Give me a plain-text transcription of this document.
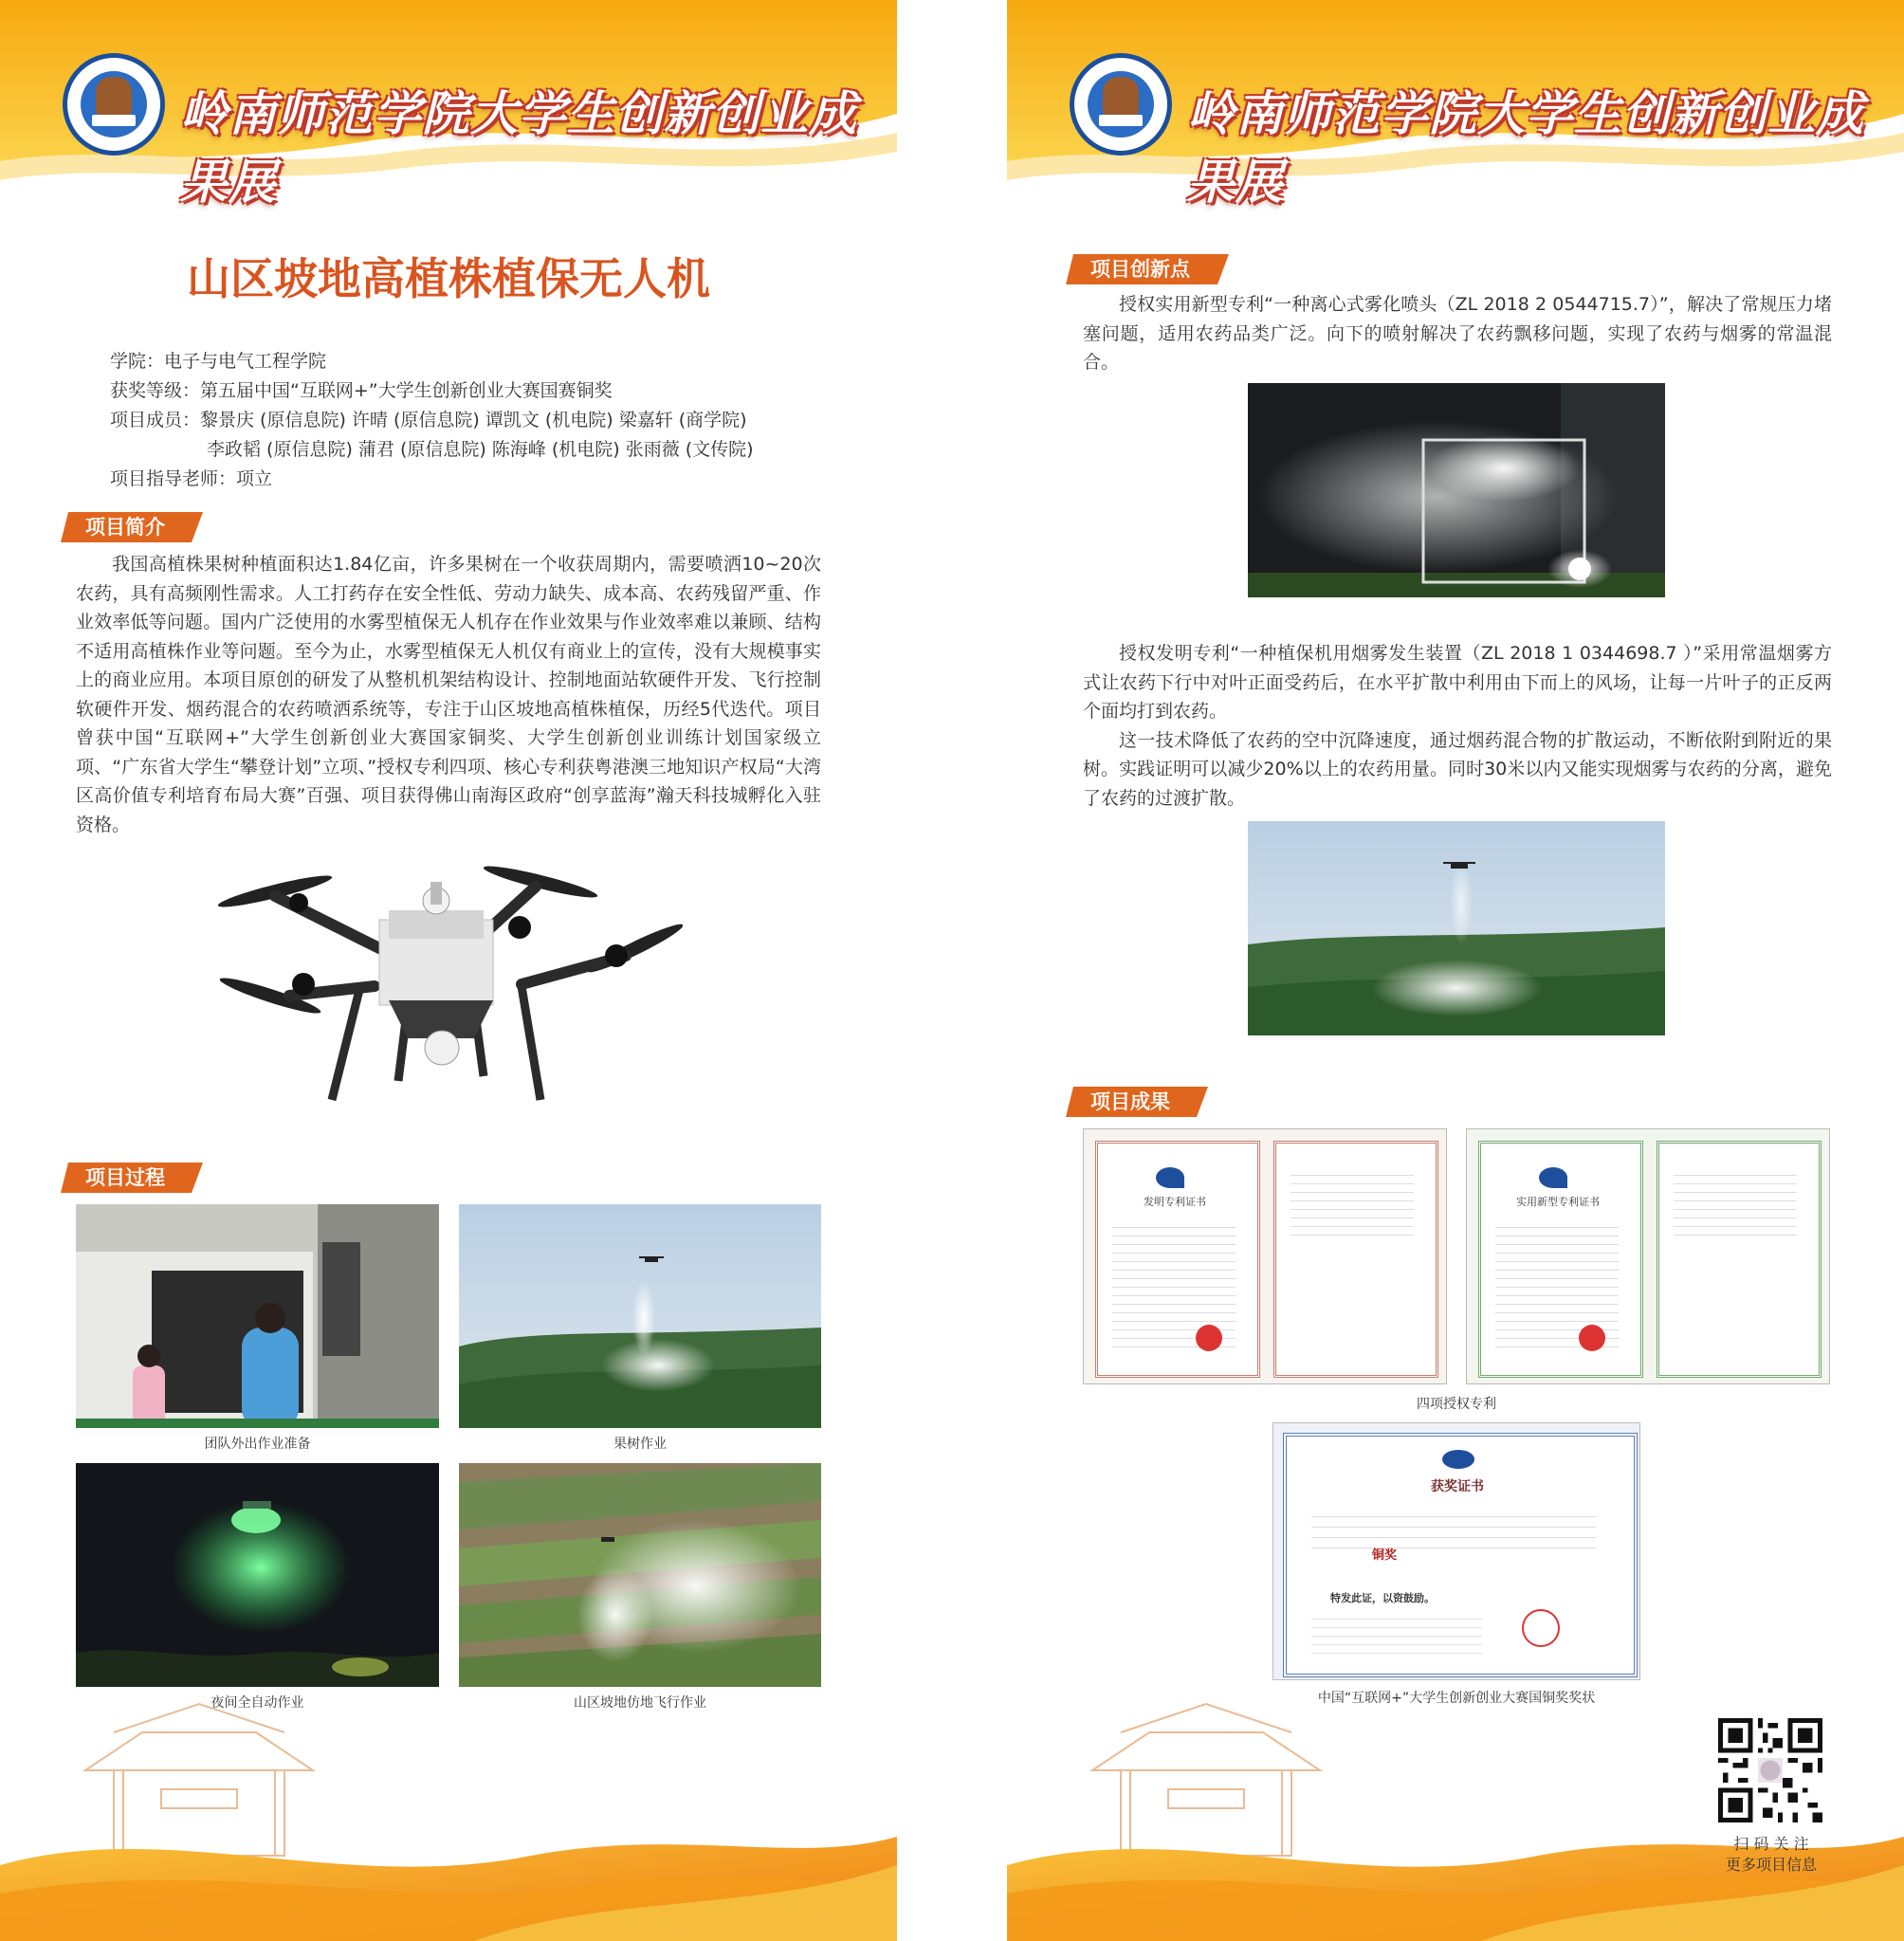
岭南师范学院大学生创新创业成果展
山区坡地高植株植保无人机
学院：电子与电气工程学院
获奖等级：第五届中国“互联网+”大学生创新创业大赛国赛铜奖
项目成员：黎景庆 (原信息院) 许晴 (原信息院) 谭凯文 (机电院) 梁嘉轩 (商学院)
李政韬 (原信息院) 蒲君 (原信息院) 陈海峰 (机电院) 张雨薇 (文传院)
项目指导老师：项立
项目简介

我国高植株果树种植面积达1.84亿亩，许多果树在一个收获周期内，需要喷洒10~20次农药，具有高频刚性需求。人工打药存在安全性低、劳动力缺失、成本高、农药残留严重、作业效率低等问题。国内广泛使用的水雾型植保无人机存在作业效果与作业效率难以兼顾、结构不适用高植株作业等问题。至今为止，水雾型植保无人机仅有商业上的宣传，没有大规模事实上的商业应用。本项目原创的研发了从整机机架结构设计、控制地面站软硬件开发、飞行控制软硬件开发、烟药混合的农药喷洒系统等，专注于山区坡地高植株植保，历经5代迭代。项目曾获中国“互联网+”大学生创新创业大赛国家铜奖、大学生创新创业训练计划国家级立项、“广东省大学生“攀登计划”立项、”授权专利四项、核心专利获粤港澳三地知识产权局“大湾区高价值专利培育布局大赛”百强、项目获得佛山南海区政府“创享蓝海”瀚天科技城孵化入驻资格。

项目过程
团队外出作业准备	果树作业
夜间全自动作业	山区坡地仿地飞行作业
岭南师范学院大学生创新创业成果展
项目创新点

授权实用新型专利“一种离心式雾化喷头（ZL 2018 2 0544715.7）”，解决了常规压力堵塞问题，适用农药品类广泛。向下的喷射解决了农药飘移问题，实现了农药与烟雾的常温混合。

授权发明专利“一种植保机用烟雾发生装置（ZL 2018 1 0344698.7 ）”采用常温烟雾方式让农药下行中对叶正面受药后，在水平扩散中利用由下而上的风场，让每一片叶子的正反两个面均打到农药。

这一技术降低了农药的空中沉降速度，通过烟药混合物的扩散运动，不断依附到附近的果树。实践证明可以减少20%以上的农药用量。同时30米以内又能实现烟雾与农药的分离，避免了农药的过渡扩散。

项目成果
发明专利证书	实用新型专利证书
四项授权专利
获奖证书
铜奖
特发此证，以资鼓励。
中国“互联网+”大学生创新创业大赛国铜奖奖状
扫 码 关 注
更多项目信息
